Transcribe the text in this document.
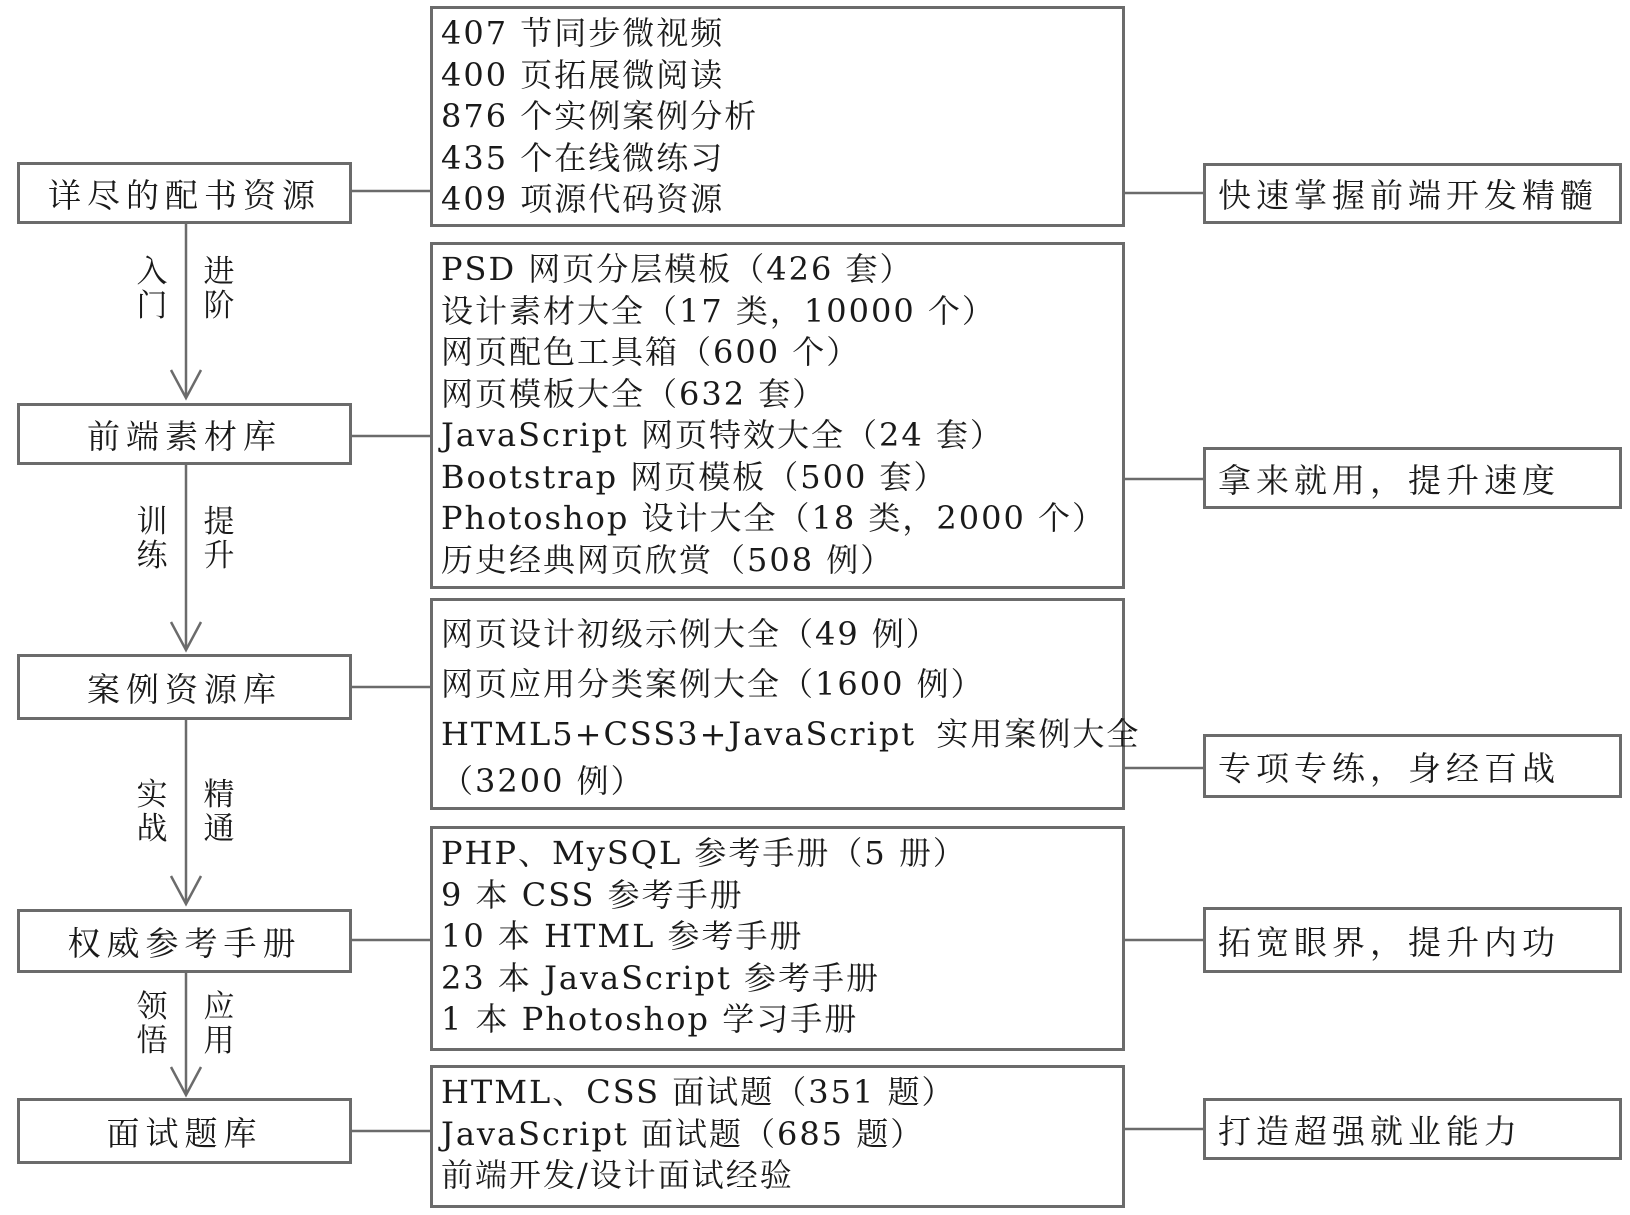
详尽的配书资源
前端素材库
案例资源库
权威参考手册
面试题库
入
门
进
阶
训
练
提
升
实
战
精
通
领
悟
应
用
407 节同步微视频
400 页拓展微阅读
876 个实例案例分析
435 个在线微练习
409 项源代码资源
PSD 网页分层模板（426 套）
设计素材大全（17 类，10000 个）
网页配色工具箱（600 个）
网页模板大全（632 套）
JavaScript 网页特效大全（24 套）
Bootstrap 网页模板（500 套）
Photoshop 设计大全（18 类，2000 个）
历史经典网页欣赏（508 例）
网页设计初级示例大全（49 例）
网页应用分类案例大全（1600 例）
HTML5+CSS3+JavaScript 实用案例大全
（3200 例）
PHP、MySQL 参考手册（5 册）
9 本 CSS 参考手册
10 本 HTML 参考手册
23 本 JavaScript 参考手册
1 本 Photoshop 学习手册
HTML、CSS 面试题（351 题）
JavaScript 面试题（685 题）
前端开发/设计面试经验
快速掌握前端开发精髓
拿来就用，提升速度
专项专练，身经百战
拓宽眼界，提升内功
打造超强就业能力
